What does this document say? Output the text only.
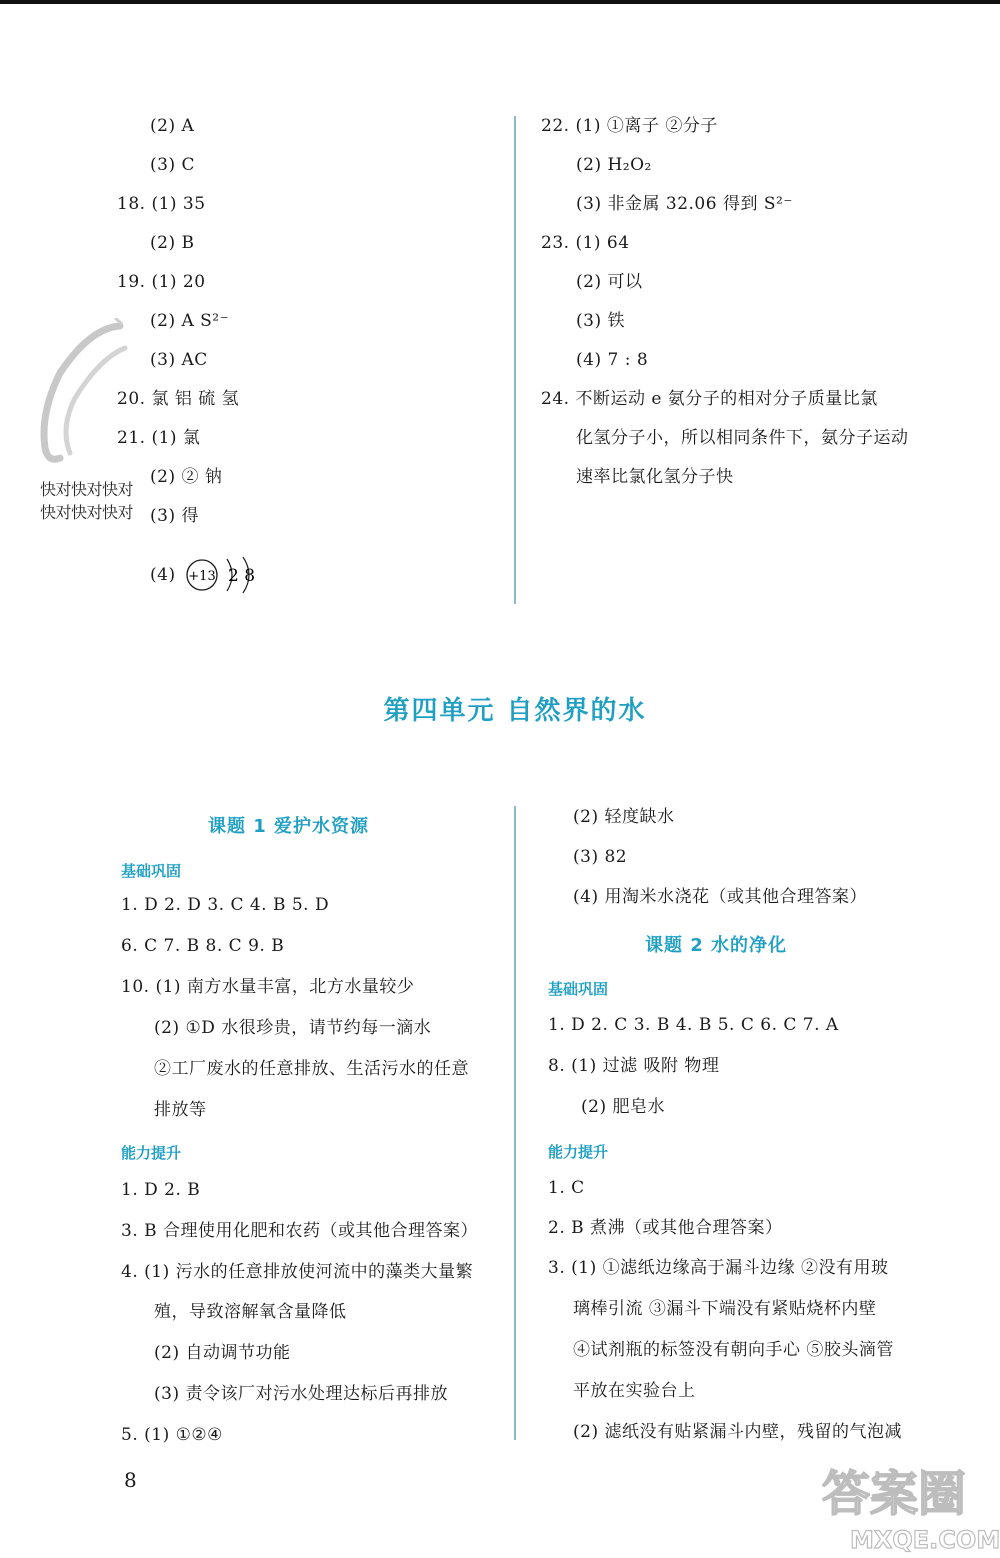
(2) A
(3) C
18. (1) 35
(2) B
19. (1) 20
(2) A S²⁻
(3) AC
20. 氯 铝 硫 氢
21. (1) 氯
(2) ② 钠
(3) 得
(4) +13 2 8
快对快对快对
快对快对快对
22. (1) ①离子 ②分子
(2) H₂O₂
(3) 非金属 32.06 得到 S²⁻
23. (1) 64
(2) 可以
(3) 铁
(4) 7 : 8
24. 不断运动 e 氨分子的相对分子质量比氯
化氢分子小，所以相同条件下，氨分子运动
速率比氯化氢分子快
第四单元 自然界的水
课题 1 爱护水资源
基础巩固
1. D 2. D 3. C 4. B 5. D
6. C 7. B 8. C 9. B
10. (1) 南方水量丰富，北方水量较少
(2) ①D 水很珍贵，请节约每一滴水
②工厂废水的任意排放、生活污水的任意
排放等
能力提升
1. D 2. B
3. B 合理使用化肥和农药（或其他合理答案）
4. (1) 污水的任意排放使河流中的藻类大量繁
殖，导致溶解氧含量降低
(2) 自动调节功能
(3) 责令该厂对污水处理达标后再排放
5. (1) ①②④
(2) 轻度缺水
(3) 82
(4) 用淘米水浇花（或其他合理答案）
课题 2 水的净化
基础巩固
1. D 2. C 3. B 4. B 5. C 6. C 7. A
8. (1) 过滤 吸附 物理
(2) 肥皂水
能力提升
1. C
2. B 煮沸（或其他合理答案）
3. (1) ①滤纸边缘高于漏斗边缘 ②没有用玻
璃棒引流 ③漏斗下端没有紧贴烧杯内壁
④试剂瓶的标签没有朝向手心 ⑤胶头滴管
平放在实验台上
(2) 滤纸没有贴紧漏斗内壁，残留的气泡减
8	答案圈
MXQE.COM
